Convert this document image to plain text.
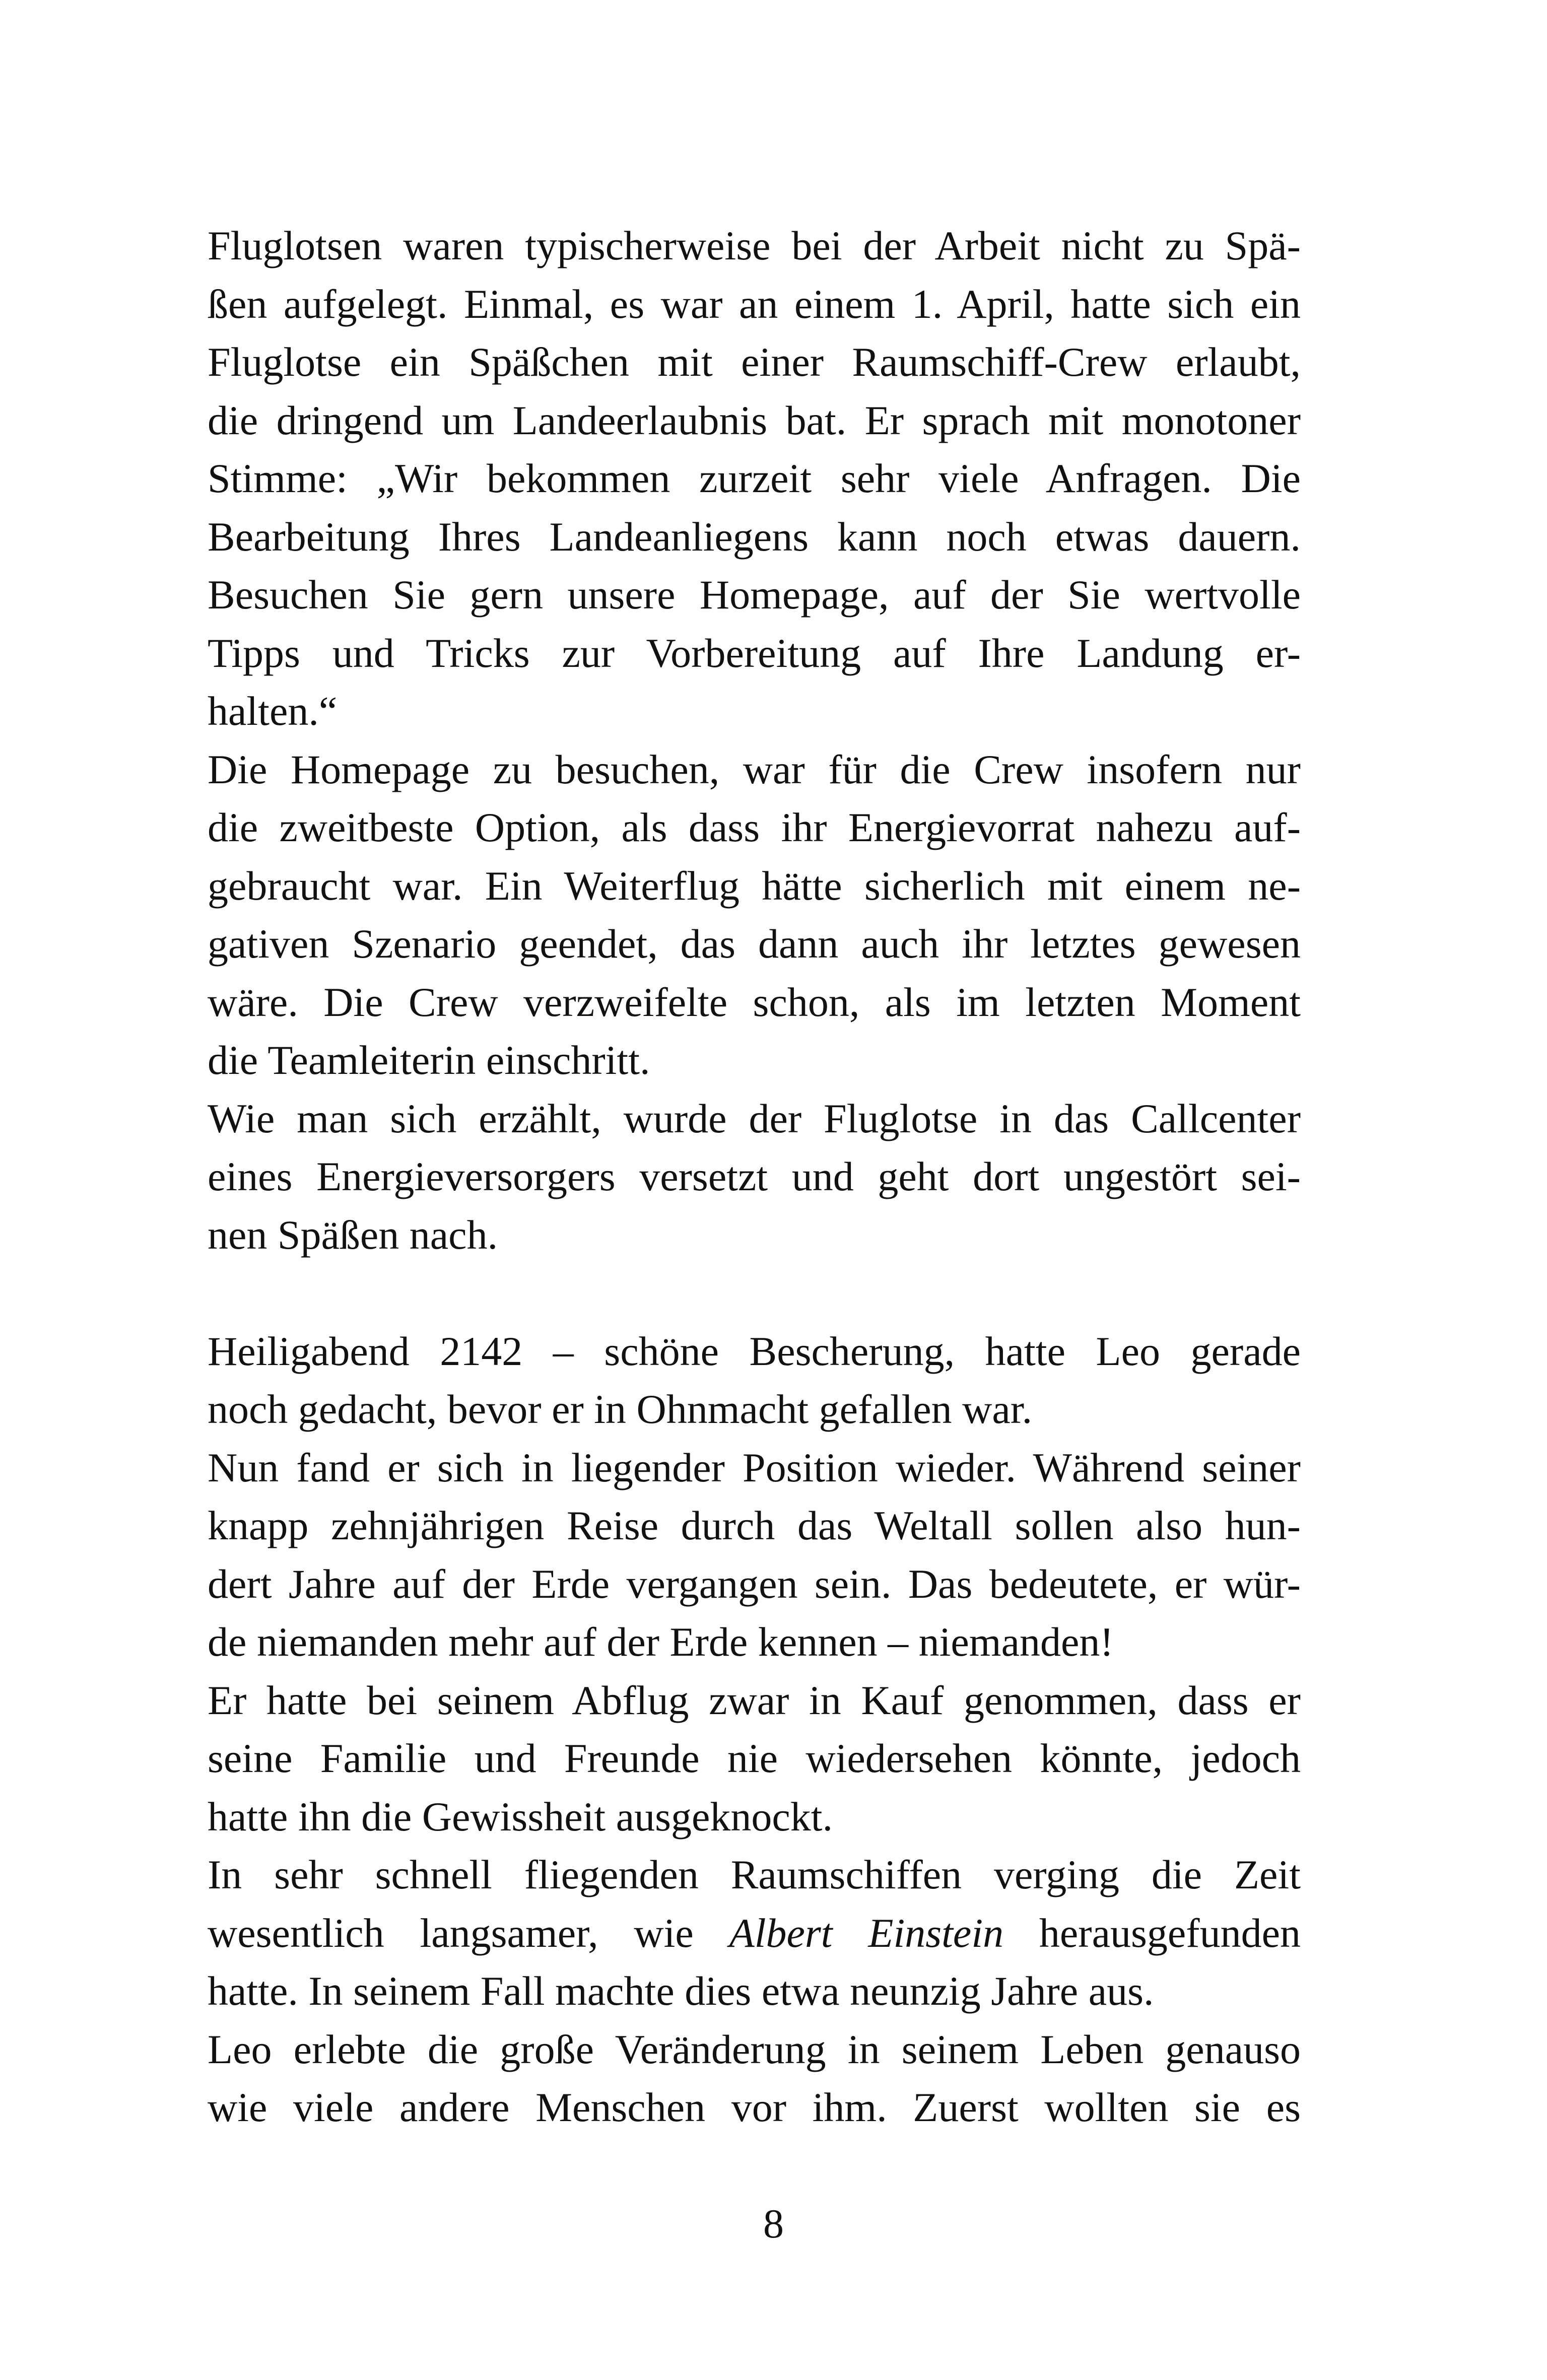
Fluglotsen waren typischerweise bei der Arbeit nicht zu Spä-
ßen aufgelegt. Einmal, es war an einem 1. April, hatte sich ein
Fluglotse ein Späßchen mit einer Raumschiff-Crew erlaubt,
die dringend um Landeerlaubnis bat. Er sprach mit monotoner
Stimme: „Wir bekommen zurzeit sehr viele Anfragen. Die
Bearbeitung Ihres Landeanliegens kann noch etwas dauern.
Besuchen Sie gern unsere Homepage, auf der Sie wertvolle
Tipps und Tricks zur Vorbereitung auf Ihre Landung er-
halten.“
Die Homepage zu besuchen, war für die Crew insofern nur
die zweitbeste Option, als dass ihr Energievorrat nahezu auf-
gebraucht war. Ein Weiterflug hätte sicherlich mit einem ne-
gativen Szenario geendet, das dann auch ihr letztes gewesen
wäre. Die Crew verzweifelte schon, als im letzten Moment
die Teamleiterin einschritt.
Wie man sich erzählt, wurde der Fluglotse in das Callcenter
eines Energieversorgers versetzt und geht dort ungestört sei-
nen Späßen nach.
Heiligabend 2142 – schöne Bescherung, hatte Leo gerade
noch gedacht, bevor er in Ohnmacht gefallen war.
Nun fand er sich in liegender Position wieder. Während seiner
knapp zehnjährigen Reise durch das Weltall sollen also hun-
dert Jahre auf der Erde vergangen sein. Das bedeutete, er wür-
de niemanden mehr auf der Erde kennen – niemanden!
Er hatte bei seinem Abflug zwar in Kauf genommen, dass er
seine Familie und Freunde nie wiedersehen könnte, jedoch
hatte ihn die Gewissheit ausgeknockt.
In sehr schnell fliegenden Raumschiffen verging die Zeit
wesentlich langsamer, wie Albert Einstein herausgefunden
hatte. In seinem Fall machte dies etwa neunzig Jahre aus.
Leo erlebte die große Veränderung in seinem Leben genauso
wie viele andere Menschen vor ihm. Zuerst wollten sie es
8
